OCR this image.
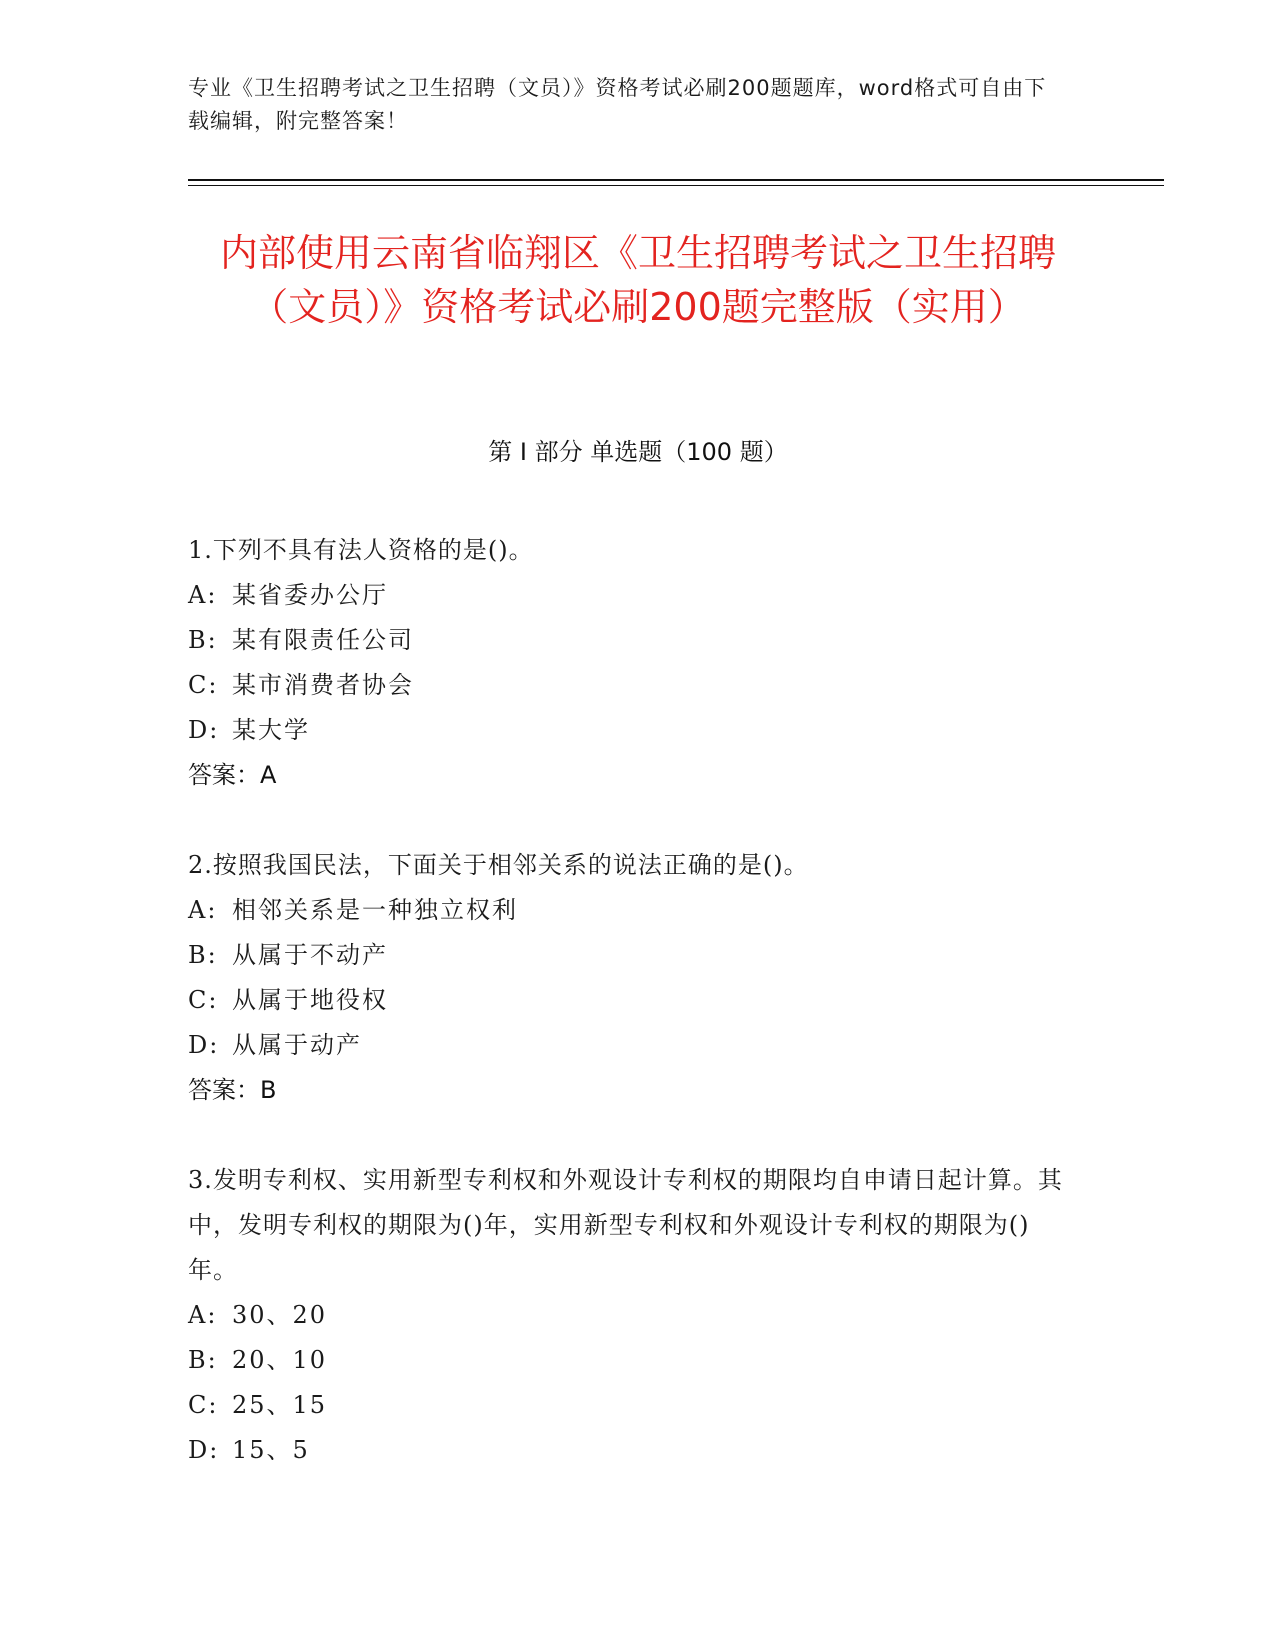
专业《卫生招聘考试之卫生招聘（文员）》资格考试必刷200题题库，word格式可自由下载编辑，附完整答案！
内部使用云南省临翔区《卫生招聘考试之卫生招聘（文员）》资格考试必刷200题完整版（实用）
第 I 部分 单选题（100 题）

1.下列不具有法人资格的是()。

A: 某省委办公厅

B: 某有限责任公司

C: 某市消费者协会

D: 某大学

答案：A

2.按照我国民法，下面关于相邻关系的说法正确的是()。

A: 相邻关系是一种独立权利

B: 从属于不动产

C: 从属于地役权

D: 从属于动产

答案：B

3.发明专利权、实用新型专利权和外观设计专利权的期限均自申请日起计算。其中，发明专利权的期限为()年，实用新型专利权和外观设计专利权的期限为()年。

A: 30、20

B: 20、10

C: 25、15

D: 15、5
